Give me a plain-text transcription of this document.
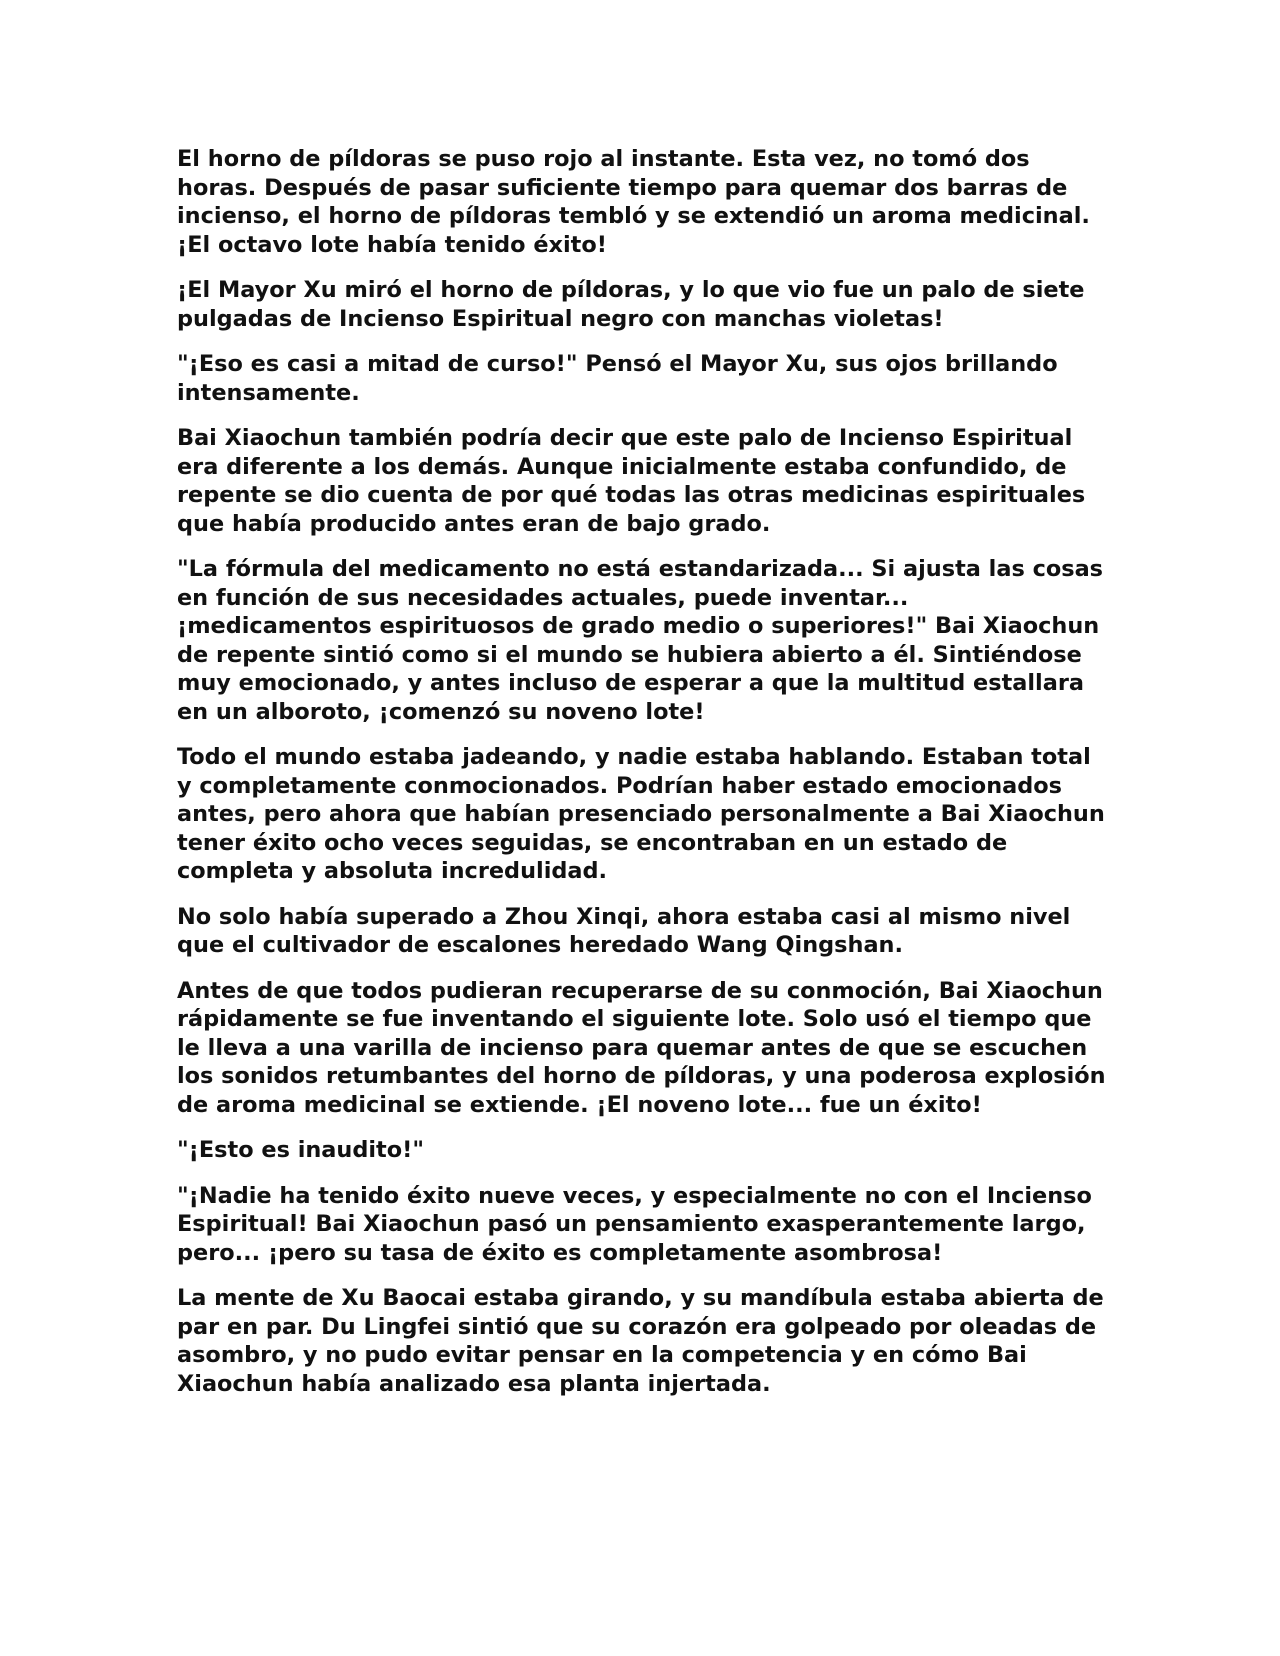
El horno de píldoras se puso rojo al instante. Esta vez, no tomó dos horas. Después de pasar suficiente tiempo para quemar dos barras de incienso, el horno de píldoras tembló y se extendió un aroma medicinal. ¡El octavo lote había tenido éxito!

¡El Mayor Xu miró el horno de píldoras, y lo que vio fue un palo de siete pulgadas de Incienso Espiritual negro con manchas violetas!

"¡Eso es casi a mitad de curso!" Pensó el Mayor Xu, sus ojos brillando intensamente.

Bai Xiaochun también podría decir que este palo de Incienso Espiritual era diferente a los demás. Aunque inicialmente estaba confundido, de repente se dio cuenta de por qué todas las otras medicinas espirituales que había producido antes eran de bajo grado.

"La fórmula del medicamento no está estandarizada... Si ajusta las cosas en función de sus necesidades actuales, puede inventar... ¡medicamentos espirituosos de grado medio o superiores!" Bai Xiaochun de repente sintió como si el mundo se hubiera abierto a él. Sintiéndose muy emocionado, y antes incluso de esperar a que la multitud estallara en un alboroto, ¡comenzó su noveno lote!

Todo el mundo estaba jadeando, y nadie estaba hablando. Estaban total y completamente conmocionados. Podrían haber estado emocionados antes, pero ahora que habían presenciado personalmente a Bai Xiaochun tener éxito ocho veces seguidas, se encontraban en un estado de completa y absoluta incredulidad.

No solo había superado a Zhou Xinqi, ahora estaba casi al mismo nivel que el cultivador de escalones heredado Wang Qingshan.

Antes de que todos pudieran recuperarse de su conmoción, Bai Xiaochun rápidamente se fue inventando el siguiente lote. Solo usó el tiempo que le lleva a una varilla de incienso para quemar antes de que se escuchen los sonidos retumbantes del horno de píldoras, y una poderosa explosión de aroma medicinal se extiende. ¡El noveno lote... fue un éxito!

"¡Esto es inaudito!"

"¡Nadie ha tenido éxito nueve veces, y especialmente no con el Incienso Espiritual! Bai Xiaochun pasó un pensamiento exasperantemente largo, pero... ¡pero su tasa de éxito es completamente asombrosa!

La mente de Xu Baocai estaba girando, y su mandíbula estaba abierta de par en par. Du Lingfei sintió que su corazón era golpeado por oleadas de asombro, y no pudo evitar pensar en la competencia y en cómo Bai Xiaochun había analizado esa planta injertada.
